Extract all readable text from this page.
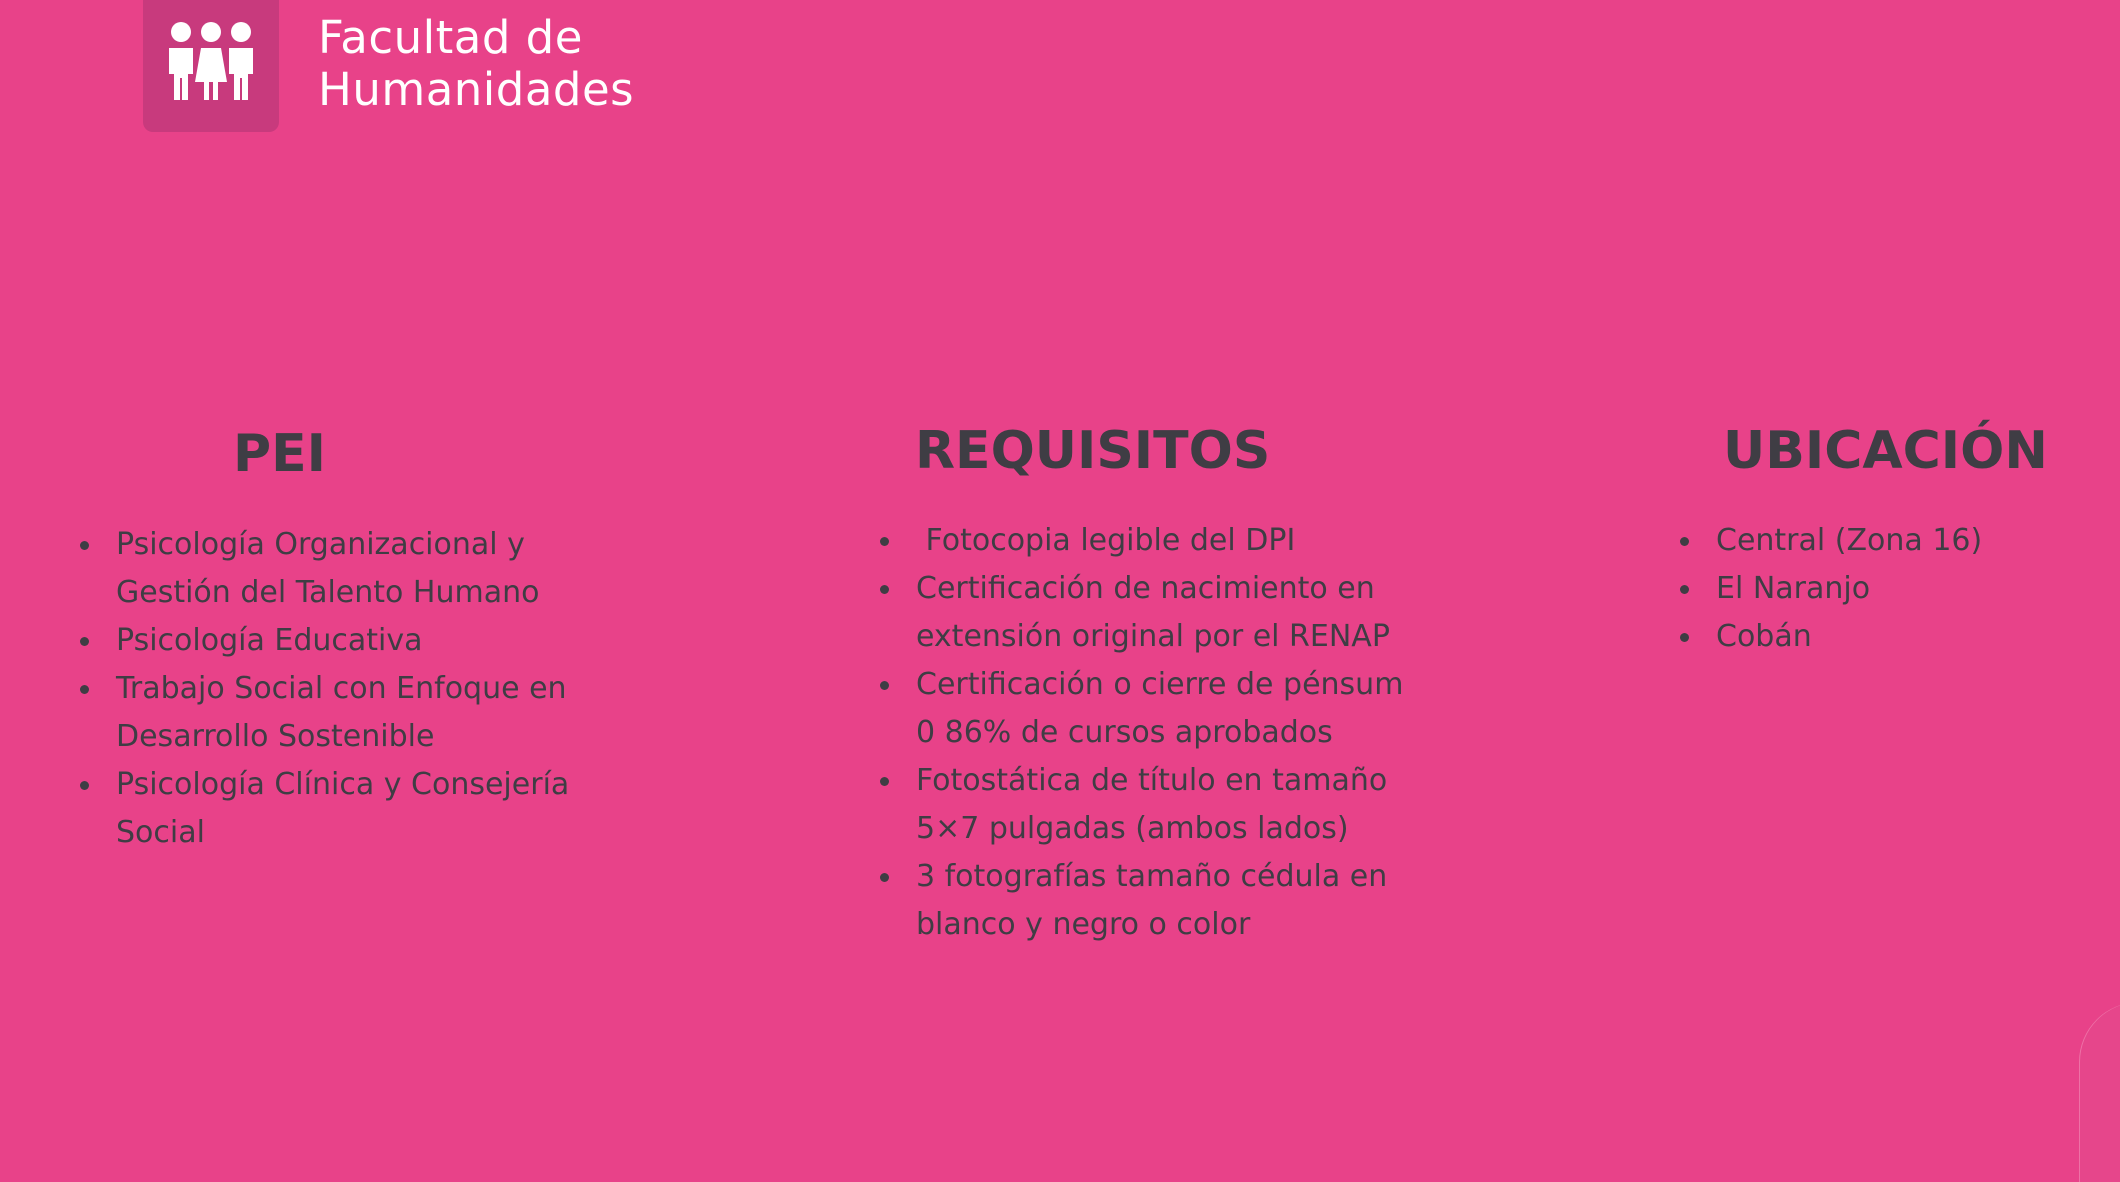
Facultad de
Humanidades
PEI
Psicología Organizacional y Gestión del Talento Humano
Psicología Educativa
Trabajo Social con Enfoque en Desarrollo Sostenible
Psicología Clínica y Consejería Social
REQUISITOS
Fotocopia legible del DPI
Certificación de nacimiento en extensión original por el RENAP
Certificación o cierre de pénsum 0 86% de cursos aprobados
Fotostática de título en tamaño 5×7 pulgadas (ambos lados)
3 fotografías tamaño cédula en blanco y negro o color
UBICACIÓN
Central (Zona 16)
El Naranjo
Cobán
